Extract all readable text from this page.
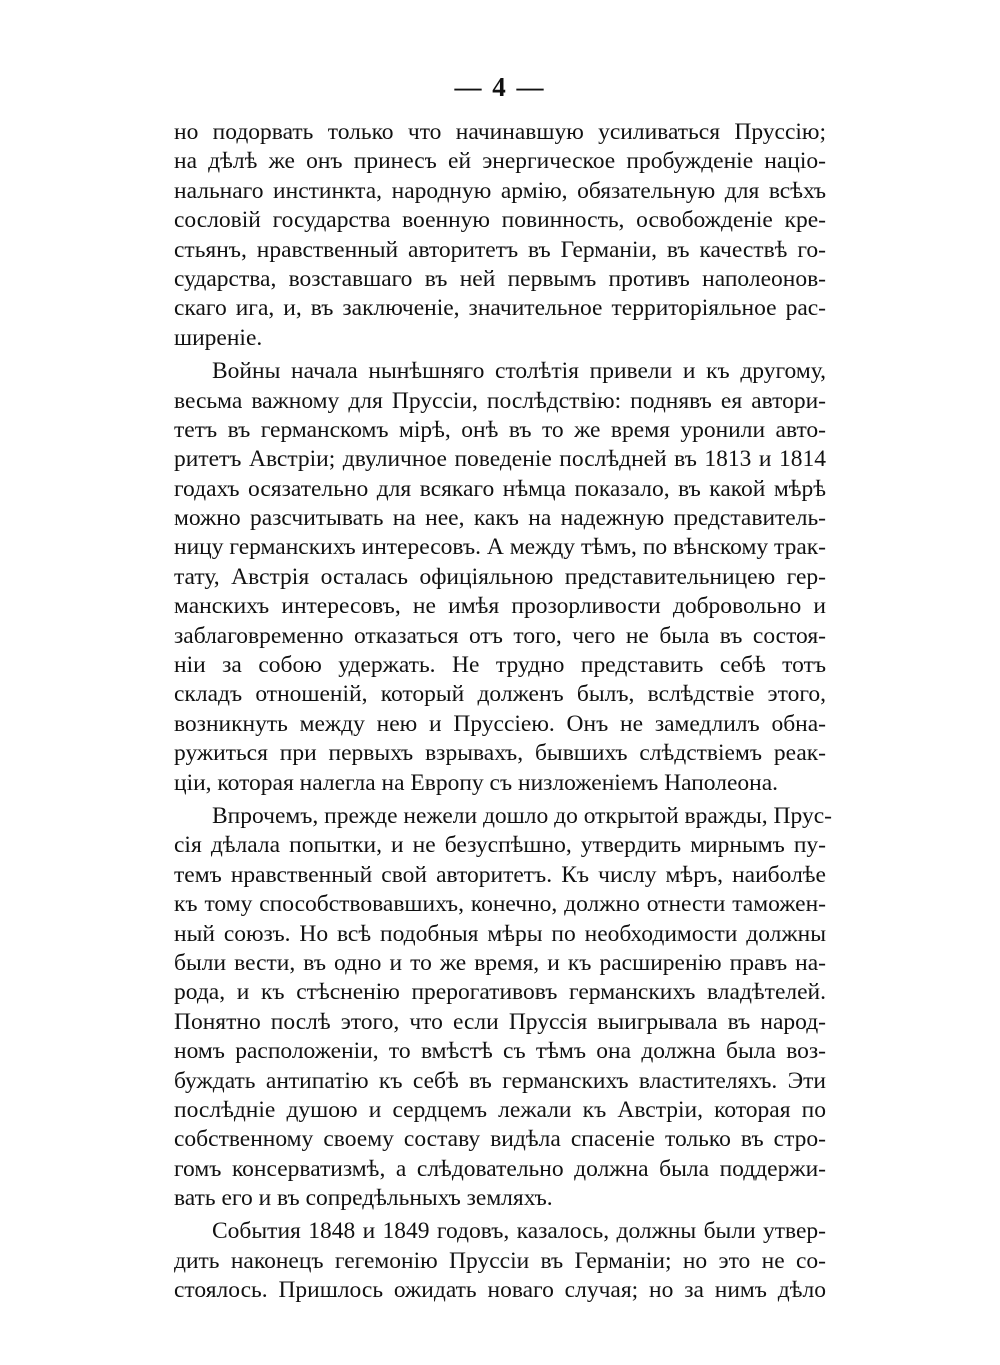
— 4 —
но подорвать только что начинавшую усиливаться Пруссію;
на дѣлѣ же онъ принесъ ей энергическое пробужденіе націо-
нальнаго инстинкта, народную армію, обязательную для всѣхъ
сословій государства военную повинность, освобожденіе кре-
стьянъ, нравственный авторитетъ въ Германіи, въ качествѣ го-
сударства, возставшаго въ ней первымъ противъ наполеонов-
скаго ига, и, въ заключеніе, значительное территоріяльное рас-
ширеніе.
Войны начала нынѣшняго столѣтія привели и къ другому,
весьма важному для Пруссіи, послѣдствію: поднявъ ея автори-
тетъ въ германскомъ мірѣ, онѣ въ то же время уронили авто-
ритетъ Австріи; двуличное поведеніе послѣдней въ 1813 и 1814
годахъ осязательно для всякаго нѣмца показало, въ какой мѣрѣ
можно разсчитывать на нее, какъ на надежную представитель-
ницу германскихъ интересовъ. А между тѣмъ, по вѣнскому трак-
тату, Австрія осталась офиціяльною представительницею гер-
манскихъ интересовъ, не имѣя прозорливости добровольно и
заблаговременно отказаться отъ того, чего не была въ состоя-
ніи за собою удержать. Не трудно представить себѣ тотъ
складъ отношеній, который долженъ былъ, вслѣдствіе этого,
возникнуть между нею и Пруссіею. Онъ не замедлилъ обна-
ружиться при первыхъ взрывахъ, бывшихъ слѣдствіемъ реак-
ціи, которая налегла на Европу съ низложеніемъ Наполеона.
Впрочемъ, прежде нежели дошло до открытой вражды, Прус-
сія дѣлала попытки, и не безуспѣшно, утвердить мирнымъ пу-
темъ нравственный свой авторитетъ. Къ числу мѣръ, наиболѣе
къ тому способствовавшихъ, конечно, должно отнести таможен-
ный союзъ. Но всѣ подобныя мѣры по необходимости должны
были вести, въ одно и то же время, и къ расширенію правъ на-
рода, и къ стѣсненію прерогативовъ германскихъ владѣтелей.
Понятно послѣ этого, что если Пруссія выигрывала въ народ-
номъ расположеніи, то вмѣстѣ съ тѣмъ она должна была воз-
буждать антипатію къ себѣ въ германскихъ властителяхъ. Эти
послѣдніе душою и сердцемъ лежали къ Австріи, которая по
собственному своему составу видѣла спасеніе только въ стро-
гомъ консерватизмѣ, а слѣдовательно должна была поддержи-
вать его и въ сопредѣльныхъ земляхъ.
События 1848 и 1849 годовъ, казалось, должны были утвер-
дить наконецъ гегемонію Пруссіи въ Германіи; но это не со-
стоялось. Пришлось ожидать новаго случая; но за нимъ дѣло
